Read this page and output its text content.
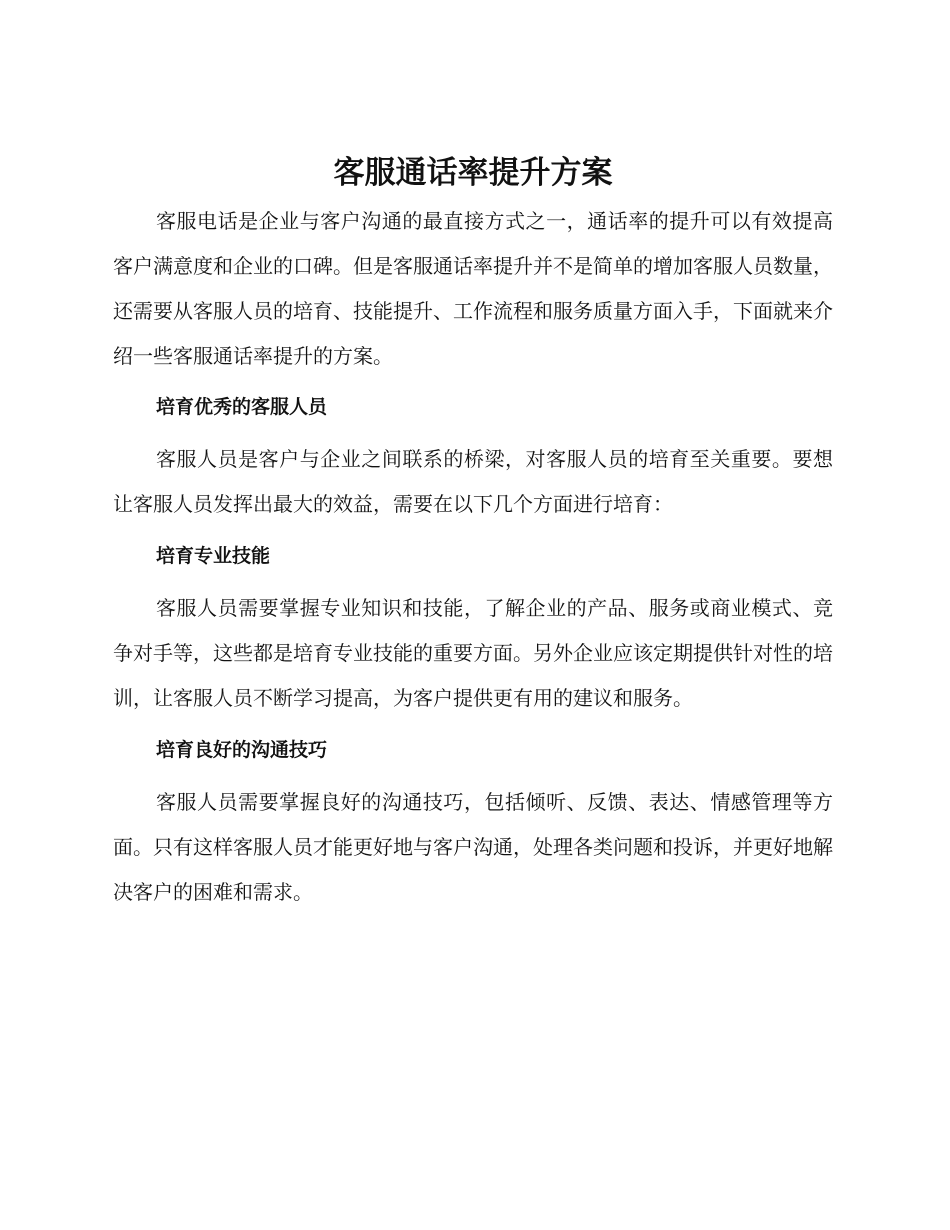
客服通话率提升方案

客服电话是企业与客户沟通的最直接方式之一，通话率的提升可以有效提高客户满意度和企业的口碑。但是客服通话率提升并不是简单的增加客服人员数量，还需要从客服人员的培育、技能提升、工作流程和服务质量方面入手，下面就来介绍一些客服通话率提升的方案。

培育优秀的客服人员

客服人员是客户与企业之间联系的桥梁，对客服人员的培育至关重要。要想让客服人员发挥出最大的效益，需要在以下几个方面进行培育：

培育专业技能

客服人员需要掌握专业知识和技能，了解企业的产品、服务或商业模式、竞争对手等，这些都是培育专业技能的重要方面。另外企业应该定期提供针对性的培训，让客服人员不断学习提高，为客户提供更有用的建议和服务。

培育良好的沟通技巧

客服人员需要掌握良好的沟通技巧，包括倾听、反馈、表达、情感管理等方面。只有这样客服人员才能更好地与客户沟通，处理各类问题和投诉，并更好地解决客户的困难和需求。
